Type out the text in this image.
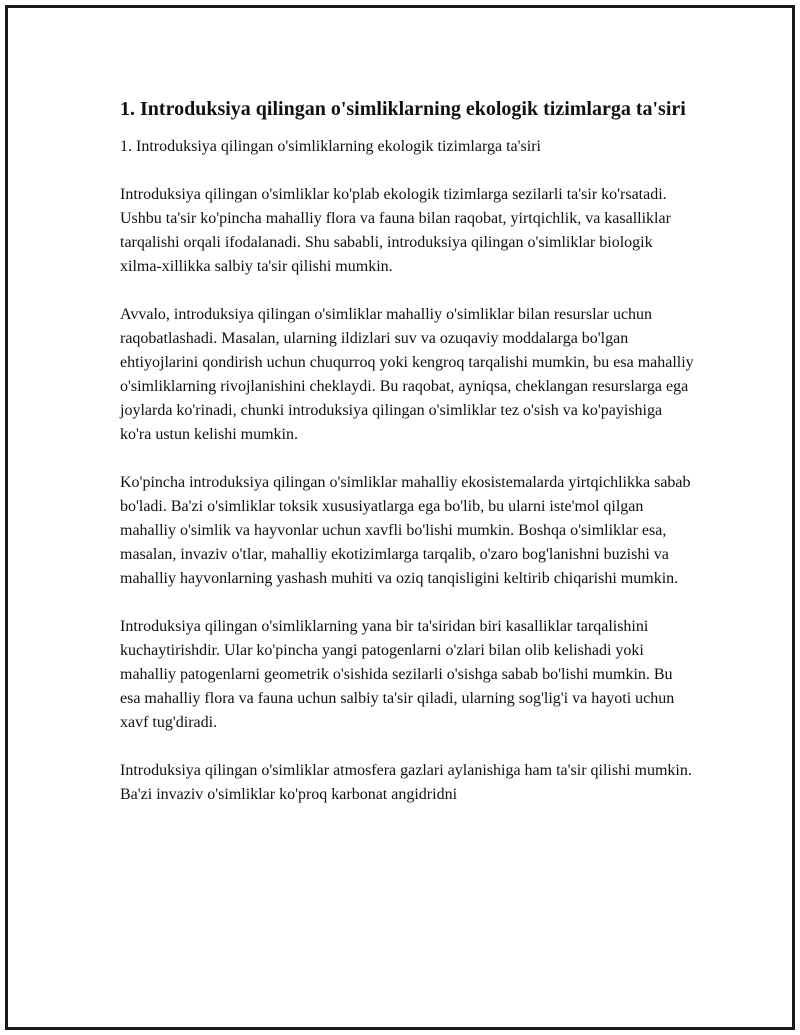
1. Introduksiya qilingan o'simliklarning ekologik tizimlarga ta'siri

1. Introduksiya qilingan o'simliklarning ekologik tizimlarga ta'siri

Introduksiya qilingan o'simliklar ko'plab ekologik tizimlarga sezilarli ta'sir ko'rsatadi. Ushbu ta'sir ko'pincha mahalliy flora va fauna bilan raqobat, yirtqichlik, va kasalliklar tarqalishi orqali ifodalanadi. Shu sababli, introduksiya qilingan o'simliklar biologik xilma-xillikka salbiy ta'sir qilishi mumkin.

Avvalo, introduksiya qilingan o'simliklar mahalliy o'simliklar bilan resurslar uchun raqobatlashadi. Masalan, ularning ildizlari suv va ozuqaviy moddalarga bo'lgan ehtiyojlarini qondirish uchun chuqurroq yoki kengroq tarqalishi mumkin, bu esa mahalliy o'simliklarning rivojlanishini cheklaydi. Bu raqobat, ayniqsa, cheklangan resurslarga ega joylarda ko'rinadi, chunki introduksiya qilingan o'simliklar tez o'sish va ko'payishiga ko'ra ustun kelishi mumkin.

Ko'pincha introduksiya qilingan o'simliklar mahalliy ekosistemalarda yirtqichlikka sabab bo'ladi. Ba'zi o'simliklar toksik xususiyatlarga ega bo'lib, bu ularni iste'mol qilgan mahalliy o'simlik va hayvonlar uchun xavfli bo'lishi mumkin. Boshqa o'simliklar esa, masalan, invaziv o'tlar, mahalliy ekotizimlarga tarqalib, o'zaro bog'lanishni buzishi va mahalliy hayvonlarning yashash muhiti va oziq tanqisligini keltirib chiqarishi mumkin.

Introduksiya qilingan o'simliklarning yana bir ta'siridan biri kasalliklar tarqalishini kuchaytirishdir. Ular ko'pincha yangi patogenlarni o'zlari bilan olib kelishadi yoki mahalliy patogenlarni geometrik o'sishida sezilarli o'sishga sabab bo'lishi mumkin. Bu esa mahalliy flora va fauna uchun salbiy ta'sir qiladi, ularning sog'lig'i va hayoti uchun xavf tug'diradi.

Introduksiya qilingan o'simliklar atmosfera gazlari aylanishiga ham ta'sir qilishi mumkin. Ba'zi invaziv o'simliklar ko'proq karbonat angidridni
